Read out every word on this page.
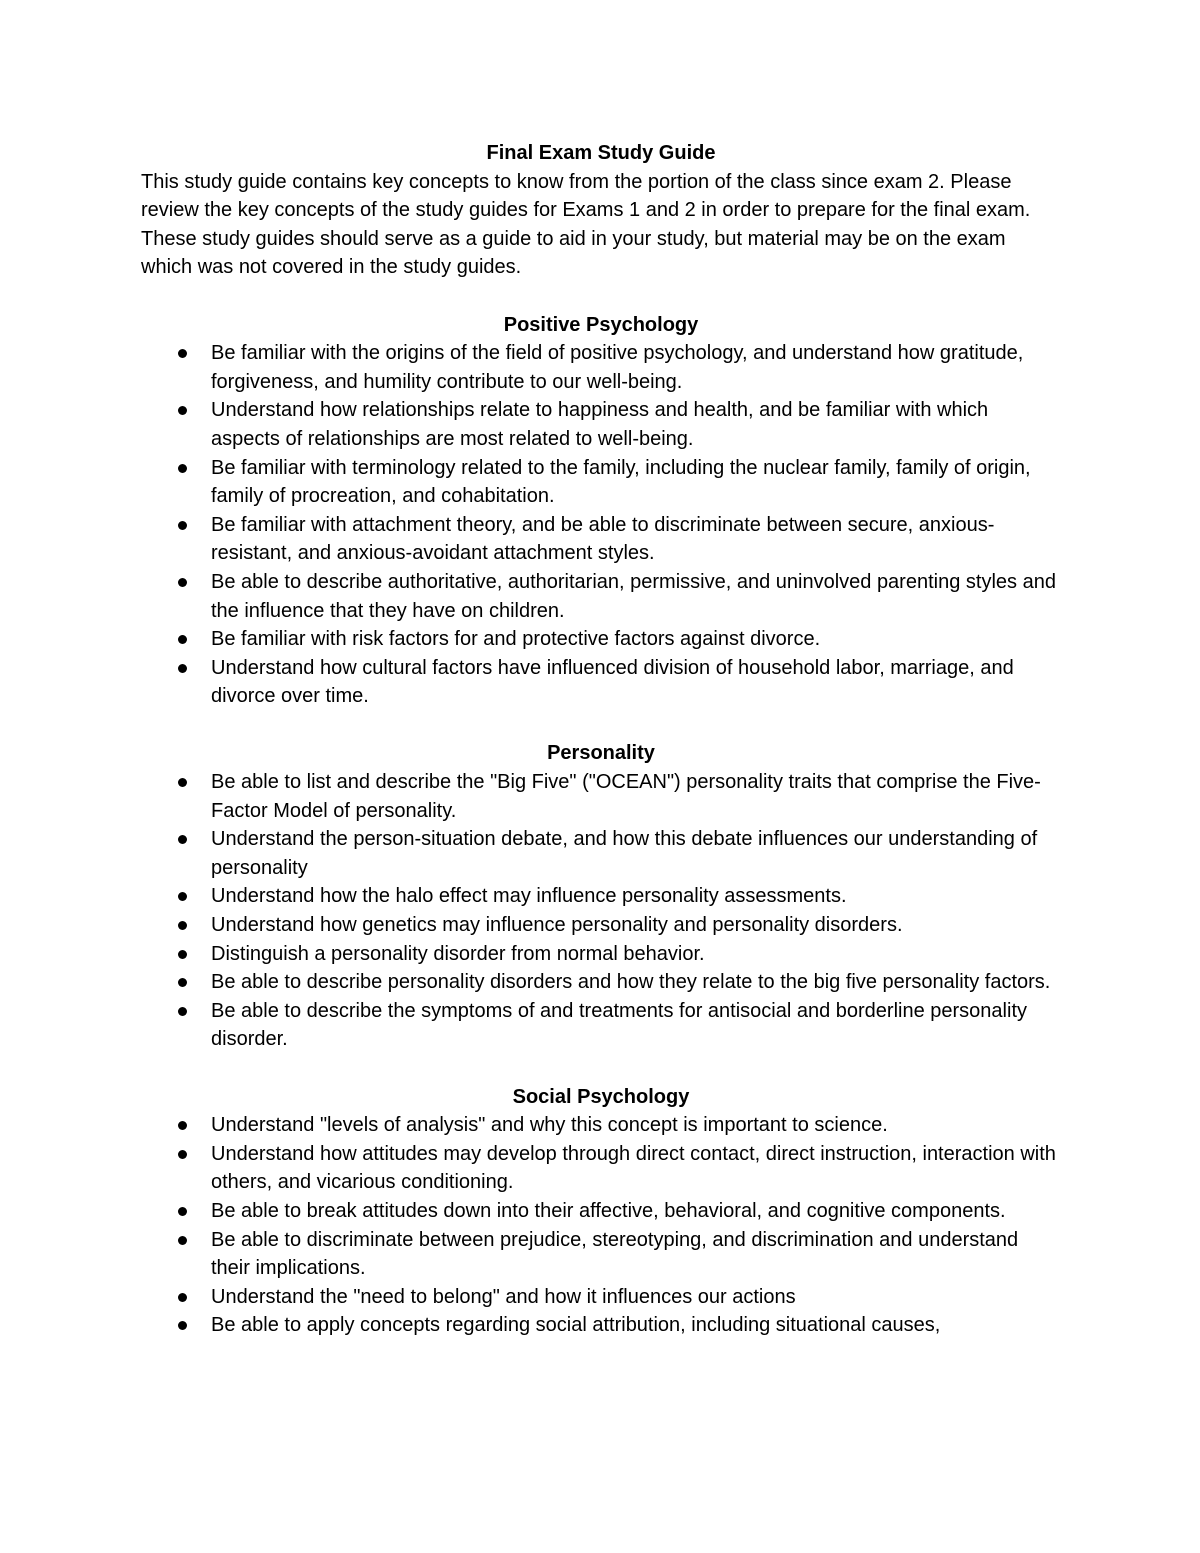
Final Exam Study Guide

This study guide contains key concepts to know from the portion of the class since exam 2. Please review the key concepts of the study guides for Exams 1 and 2 in order to prepare for the final exam. These study guides should serve as a guide to aid in your study, but material may be on the exam which was not covered in the study guides.

Positive Psychology
Be familiar with the origins of the field of positive psychology, and understand how gratitude, forgiveness, and humility contribute to our well-being.
Understand how relationships relate to happiness and health, and be familiar with which aspects of relationships are most related to well-being.
Be familiar with terminology related to the family, including the nuclear family, family of origin, family of procreation, and cohabitation.
Be familiar with attachment theory, and be able to discriminate between secure, anxious-resistant, and anxious-avoidant attachment styles.
Be able to describe authoritative, authoritarian, permissive, and uninvolved parenting styles and the influence that they have on children.
Be familiar with risk factors for and protective factors against divorce.
Understand how cultural factors have influenced division of household labor, marriage, and divorce over time.
Personality
Be able to list and describe the "Big Five" ("OCEAN") personality traits that comprise the Five-Factor Model of personality.
Understand the person-situation debate, and how this debate influences our understanding of personality
Understand how the halo effect may influence personality assessments.
Understand how genetics may influence personality and personality disorders.
Distinguish a personality disorder from normal behavior.
Be able to describe personality disorders and how they relate to the big five personality factors.
Be able to describe the symptoms of and treatments for antisocial and borderline personality disorder.
Social Psychology
Understand "levels of analysis" and why this concept is important to science.
Understand how attitudes may develop through direct contact, direct instruction, interaction with others, and vicarious conditioning.
Be able to break attitudes down into their affective, behavioral, and cognitive components.
Be able to discriminate between prejudice, stereotyping, and discrimination and understand their implications.
Understand the "need to belong" and how it influences our actions
Be able to apply concepts regarding social attribution, including situational causes,
